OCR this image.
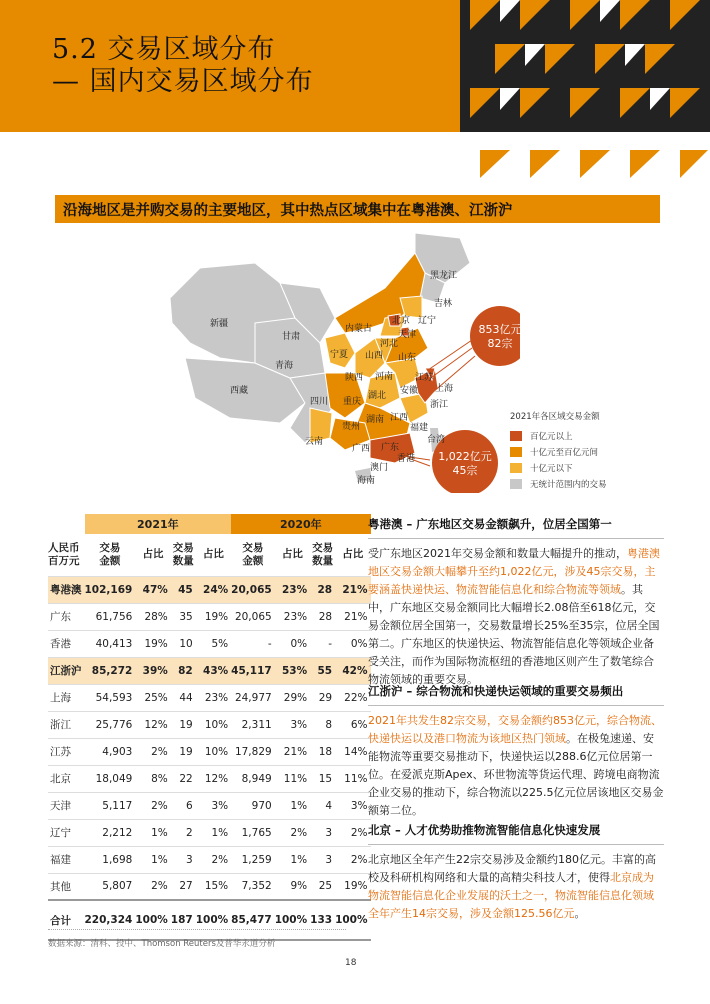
5.2 交易区域分布
— 国内交易区域分布
沿海地区是并购交易的主要地区，其中热点区域集中在粤港澳、江浙沪
黑龙江
吉林
辽宁
北京
天津
内蒙古
新疆
甘肃
河北
宁夏 山西 山东
青海
陕西 河南 江苏
上海
西藏
四川 重庆
湖北 安徽
浙江
湖南 江西
福建
贵州
云南
广西 广东
台湾
香港
澳门
海南
853亿元
82宗
1,022亿元
45宗
2021年各区域交易金额
百亿元以上
十亿元至百亿元间
十亿元以下
无统计范围内的交易
	2021年				2020年			
人民币
百万元	交易
金额	占比	交易
数量	占比	交易
金额	占比	交易
数量	占比
粤港澳	102,169	47%	45	24%	20,065	23%	28	21%
广东	61,756	28%	35	19%	20,065	23%	28	21%
香港	40,413	19%	10	5%	-	0%	-	0%
江浙沪	85,272	39%	82	43%	45,117	53%	55	42%
上海	54,593	25%	44	23%	24,977	29%	29	22%
浙江	25,776	12%	19	10%	2,311	3%	8	6%
江苏	4,903	2%	19	10%	17,829	21%	18	14%
北京	18,049	8%	22	12%	8,949	11%	15	11%
天津	5,117	2%	6	3%	970	1%	4	3%
辽宁	2,212	1%	2	1%	1,765	2%	3	2%
福建	1,698	1%	3	2%	1,259	1%	3	2%
其他	5,807	2%	27	15%	7,352	9%	25	19%
合计	220,324	100%	187	100%	85,477	100%	133	100%
数据来源：清科、投中、Thomson Reuters及普华永道分析
粤港澳 – 广东地区交易金额飙升，位居全国第一
受广东地区2021年交易金额和数量大幅提升的推动，粤港澳地区交易金额大幅攀升至约1,022亿元，涉及45宗交易，主要涵盖快递快运、物流智能信息化和综合物流等领域。其中，广东地区交易金额同比大幅增长2.08倍至618亿元，交易金额位居全国第一，交易数量增长25%至35宗，位居全国第二。广东地区的快递快运、物流智能信息化等领域企业备受关注，而作为国际物流枢纽的香港地区则产生了数笔综合物流领域的重要交易。
江浙沪 – 综合物流和快递快运领域的重要交易频出
2021年共发生82宗交易，交易金额约853亿元，综合物流、快递快运以及港口物流为该地区热门领域。在极兔速递、安能物流等重要交易推动下，快递快运以288.6亿元位居第一位。在爱派克斯Apex、环世物流等货运代理、跨境电商物流企业交易的推动下，综合物流以225.5亿元位居该地区交易金额第二位。
北京 – 人才优势助推物流智能信息化快速发展
北京地区全年产生22宗交易涉及金额约180亿元。丰富的高校及科研机构网络和大量的高精尖科技人才，使得北京成为物流智能信息化企业发展的沃土之一，物流智能信息化领域全年产生14宗交易，涉及金额125.56亿元。
18
